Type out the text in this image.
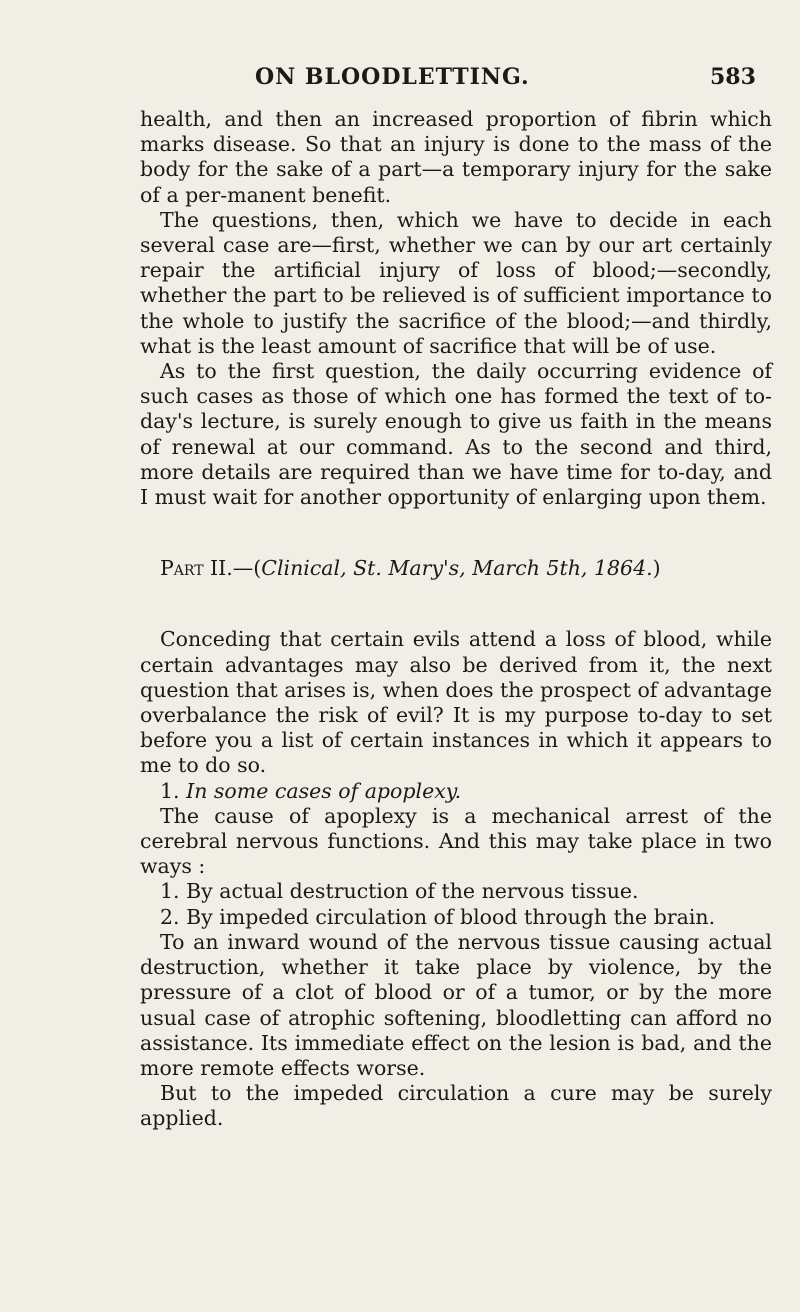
ON BLOODLETTING.	583

health, and then an increased proportion of fibrin which marks disease. So that an injury is done to the mass of the body for the sake of a part—a temporary injury for the sake of a per-manent benefit.

The questions, then, which we have to decide in each several case are—first, whether we can by our art certainly repair the artificial injury of loss of blood;—secondly, whether the part to be relieved is of sufficient importance to the whole to justify the sacrifice of the blood;—and thirdly, what is the least amount of sacrifice that will be of use.

As to the first question, the daily occurring evidence of such cases as those of which one has formed the text of to-day's lecture, is surely enough to give us faith in the means of renewal at our command. As to the second and third, more details are required than we have time for to-day, and I must wait for another opportunity of enlarging upon them.

Part II.—(Clinical, St. Mary's, March 5th, 1864.)

Conceding that certain evils attend a loss of blood, while certain advantages may also be derived from it, the next question that arises is, when does the prospect of advantage overbalance the risk of evil? It is my purpose to-day to set before you a list of certain instances in which it appears to me to do so.

1. In some cases of apoplexy.

The cause of apoplexy is a mechanical arrest of the cerebral nervous functions. And this may take place in two ways :

1. By actual destruction of the nervous tissue.

2. By impeded circulation of blood through the brain.

To an inward wound of the nervous tissue causing actual destruction, whether it take place by violence, by the pressure of a clot of blood or of a tumor, or by the more usual case of atrophic softening, bloodletting can afford no assistance. Its immediate effect on the lesion is bad, and the more remote effects worse.

But to the impeded circulation a cure may be surely applied.
